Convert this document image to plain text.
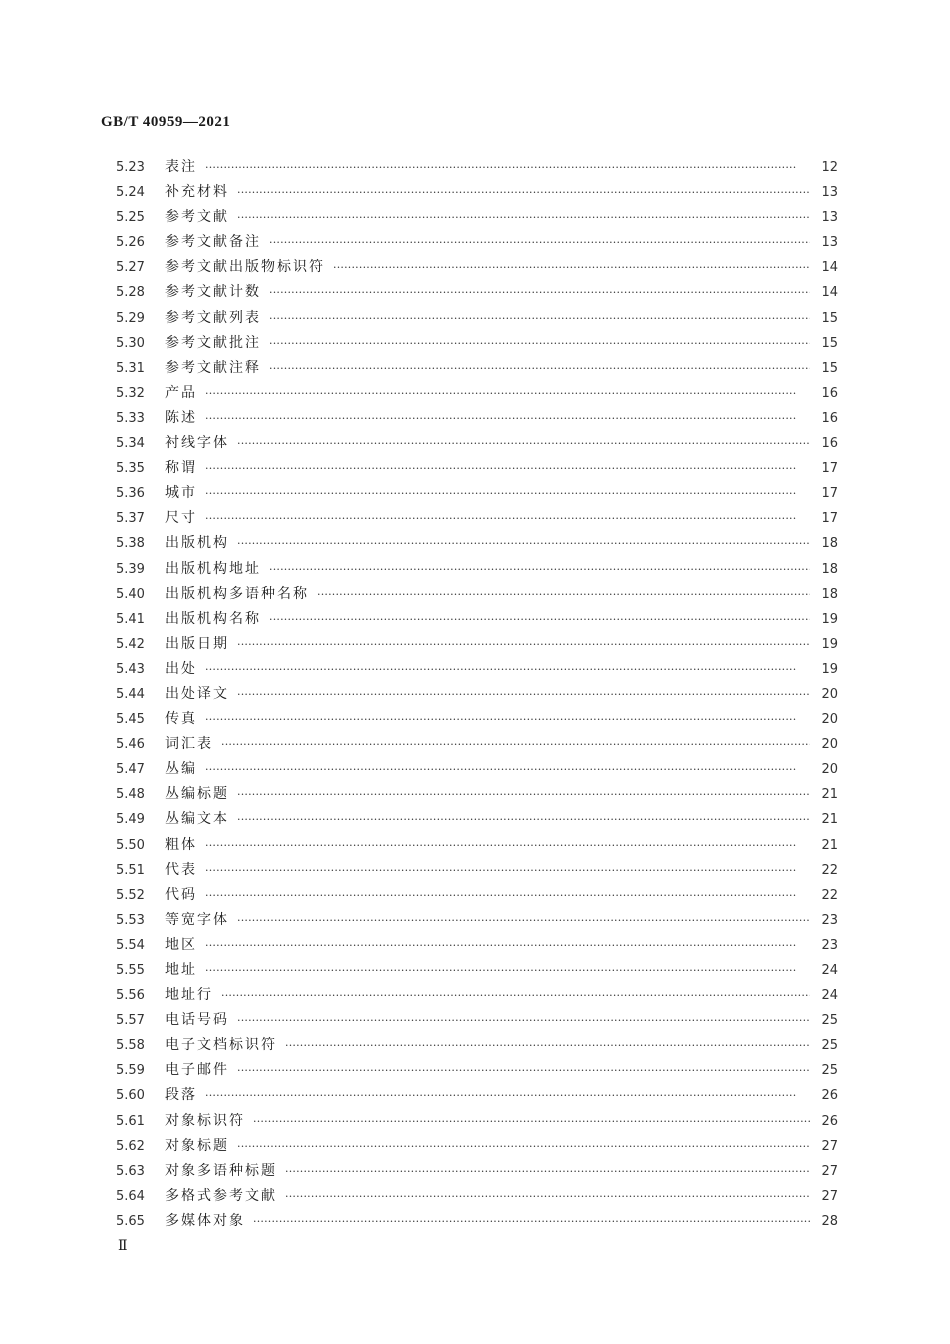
GB/T 40959—2021
5.23	表注 ·····	12
5.24	补充材料 ·····	13
5.25	参考文献 ·····	13
5.26	参考文献备注 ·····	13
5.27	参考文献出版物标识符 ·····	14
5.28	参考文献计数 ·····	14
5.29	参考文献列表 ·····	15
5.30	参考文献批注 ·····	15
5.31	参考文献注释 ·····	15
5.32	产品 ·····	16
5.33	陈述 ·····	16
5.34	衬线字体 ·····	16
5.35	称谓 ·····	17
5.36	城市 ·····	17
5.37	尺寸 ·····	17
5.38	出版机构 ·····	18
5.39	出版机构地址 ·····	18
5.40	出版机构多语种名称 ·····	18
5.41	出版机构名称 ·····	19
5.42	出版日期 ·····	19
5.43	出处 ·····	19
5.44	出处译文 ·····	20
5.45	传真 ·····	20
5.46	词汇表 ·····	20
5.47	丛编 ·····	20
5.48	丛编标题 ·····	21
5.49	丛编文本 ·····	21
5.50	粗体 ·····	21
5.51	代表 ·····	22
5.52	代码 ·····	22
5.53	等宽字体 ·····	23
5.54	地区 ·····	23
5.55	地址 ·····	24
5.56	地址行 ·····	24
5.57	电话号码 ·····	25
5.58	电子文档标识符 ·····	25
5.59	电子邮件 ·····	25
5.60	段落 ·····	26
5.61	对象标识符 ·····	26
5.62	对象标题 ·····	27
5.63	对象多语种标题 ·····	27
5.64	多格式参考文献 ·····	27
5.65	多媒体对象 ·····	28
Ⅱ
